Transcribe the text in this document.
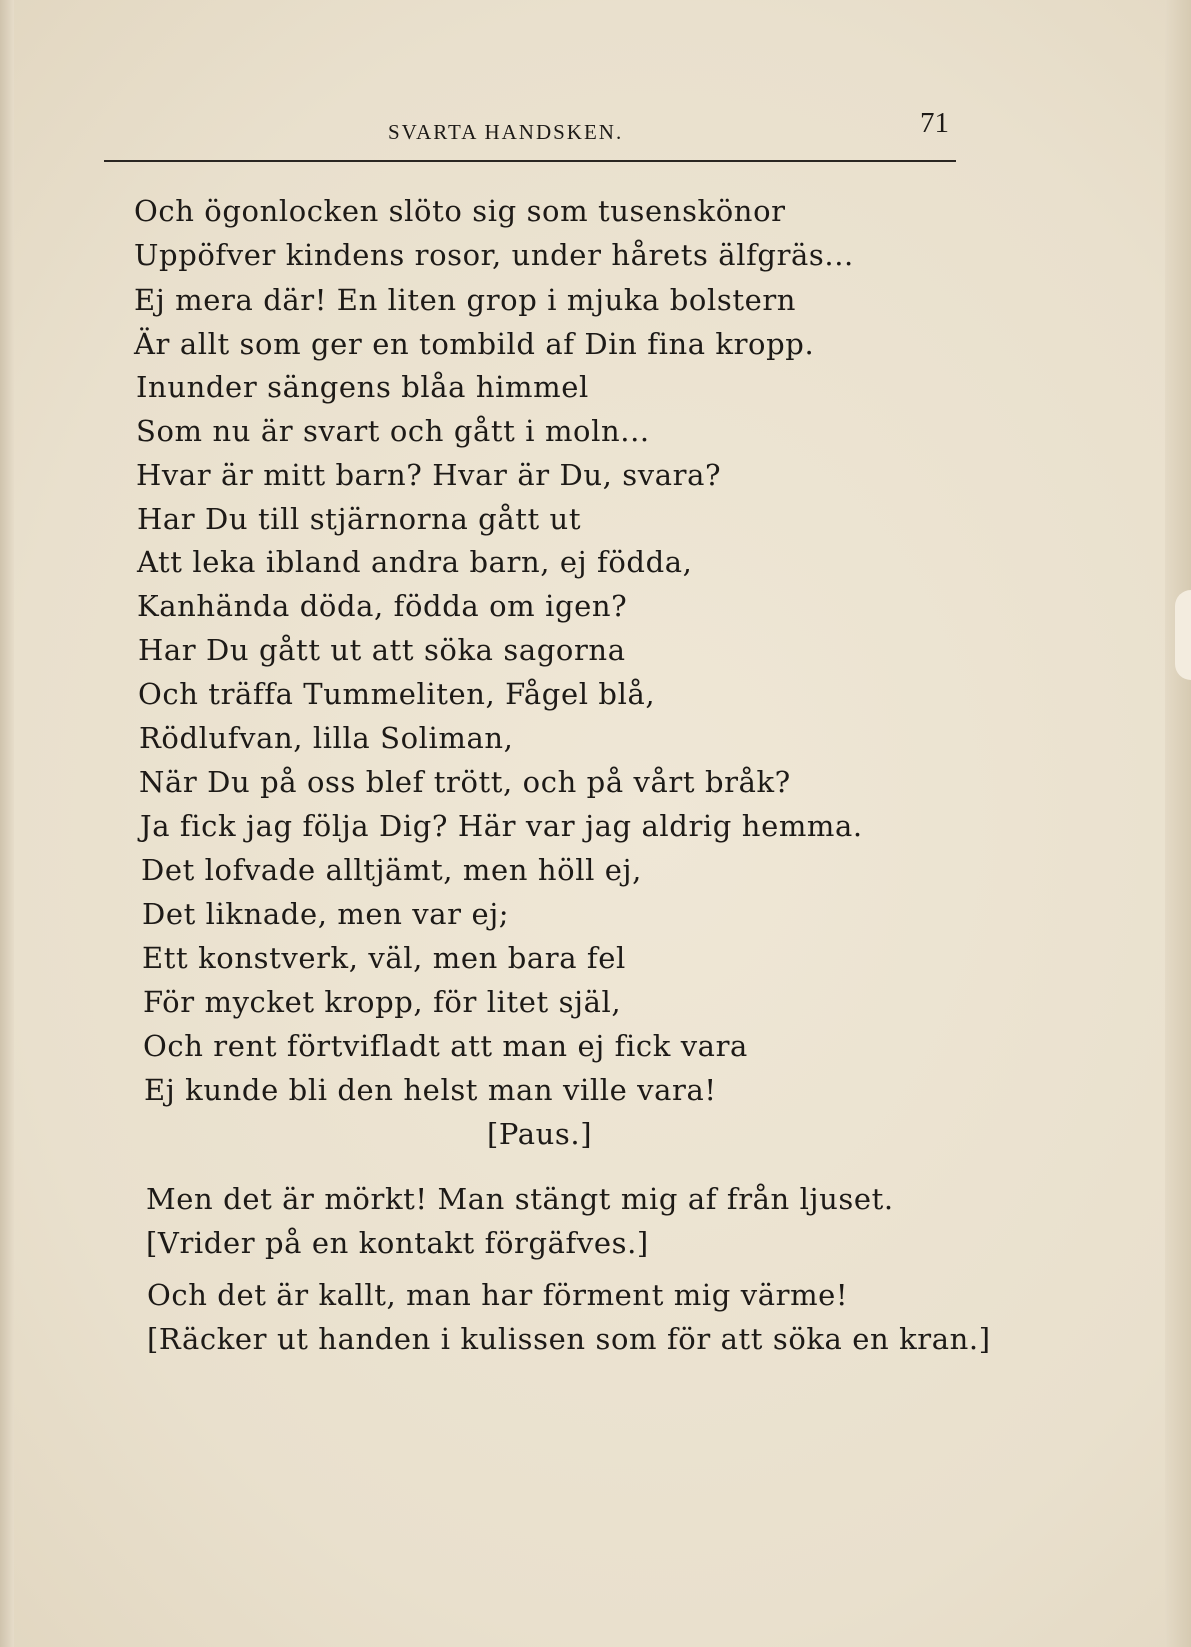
SVARTA HANDSKEN.	71
Och ögonlocken slöto sig som tusenskönor
Uppöfver kindens rosor, under hårets älfgräs...
Ej mera där! En liten grop i mjuka bolstern
Är allt som ger en tombild af Din fina kropp.
Inunder sängens blåa himmel
Som nu är svart och gått i moln...
Hvar är mitt barn? Hvar är Du, svara?
Har Du till stjärnorna gått ut
Att leka ibland andra barn, ej födda,
Kanhända döda, födda om igen?
Har Du gått ut att söka sagorna
Och träffa Tummeliten, Fågel blå,
Rödlufvan, lilla Soliman,
När Du på oss blef trött, och på vårt bråk?
Ja fick jag följa Dig? Här var jag aldrig hemma.
Det lofvade alltjämt, men höll ej,
Det liknade, men var ej;
Ett konstverk, väl, men bara fel
För mycket kropp, för litet själ,
Och rent förtvifladt att man ej fick vara
Ej kunde bli den helst man ville vara!
[Paus.]
Men det är mörkt! Man stängt mig af från ljuset.
[Vrider på en kontakt förgäfves.]
Och det är kallt, man har förment mig värme!
[Räcker ut handen i kulissen som för att söka en kran.]
